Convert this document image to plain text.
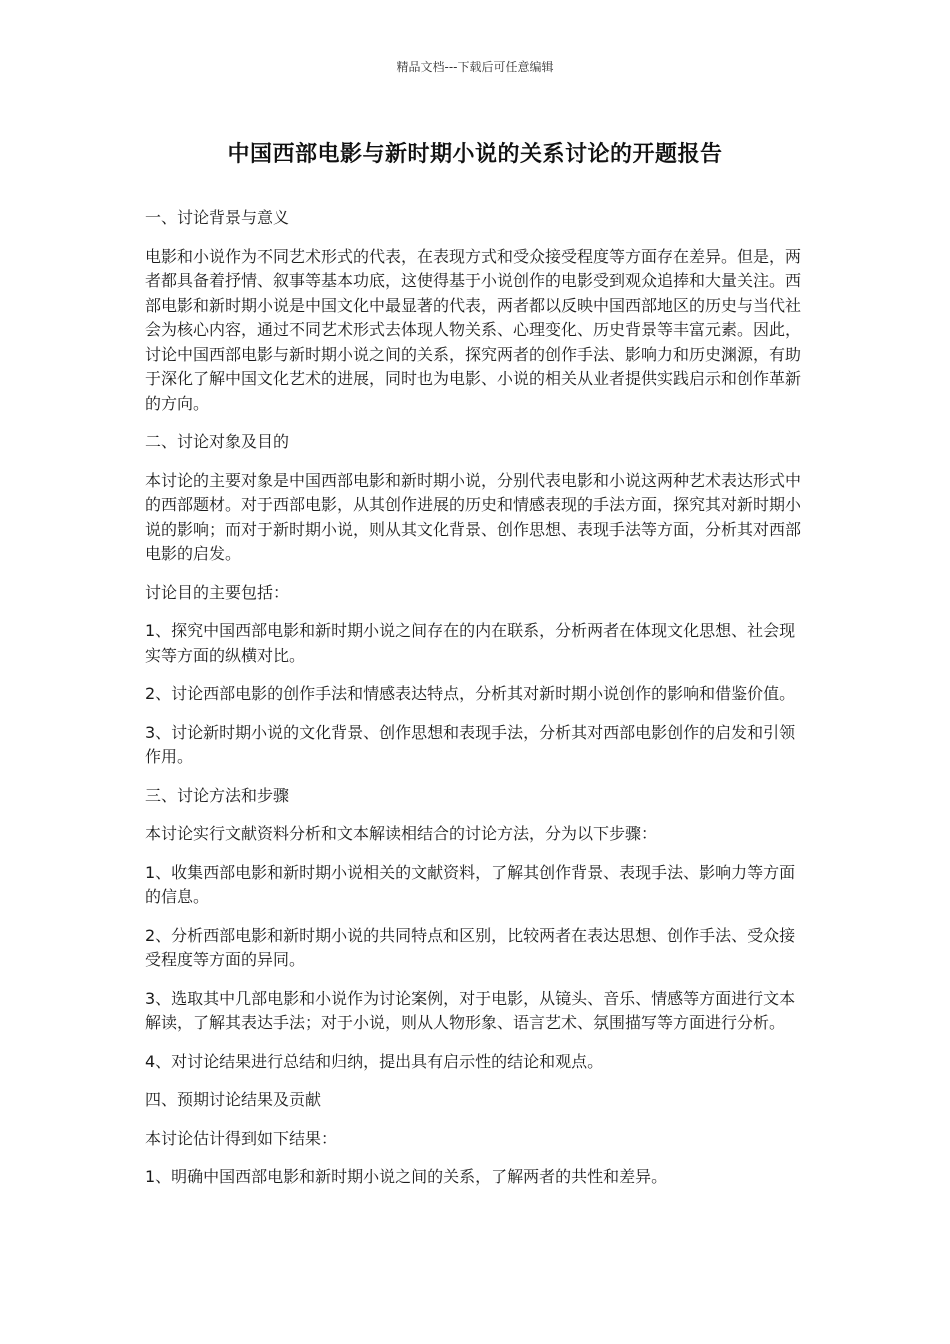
精品文档---下载后可任意编辑
中国西部电影与新时期小说的关系讨论的开题报告

一、讨论背景与意义

电影和小说作为不同艺术形式的代表，在表现方式和受众接受程度等方面存在差异。但是，两者都具备着抒情、叙事等基本功底，这使得基于小说创作的电影受到观众追捧和大量关注。西部电影和新时期小说是中国文化中最显著的代表，两者都以反映中国西部地区的历史与当代社会为核心内容，通过不同艺术形式去体现人物关系、心理变化、历史背景等丰富元素。因此，讨论中国西部电影与新时期小说之间的关系，探究两者的创作手法、影响力和历史渊源，有助于深化了解中国文化艺术的进展，同时也为电影、小说的相关从业者提供实践启示和创作革新的方向。

二、讨论对象及目的

本讨论的主要对象是中国西部电影和新时期小说，分别代表电影和小说这两种艺术表达形式中的西部题材。对于西部电影，从其创作进展的历史和情感表现的手法方面，探究其对新时期小说的影响；而对于新时期小说，则从其文化背景、创作思想、表现手法等方面，分析其对西部电影的启发。

讨论目的主要包括：

1、探究中国西部电影和新时期小说之间存在的内在联系，分析两者在体现文化思想、社会现实等方面的纵横对比。

2、讨论西部电影的创作手法和情感表达特点，分析其对新时期小说创作的影响和借鉴价值。

3、讨论新时期小说的文化背景、创作思想和表现手法，分析其对西部电影创作的启发和引领作用。

三、讨论方法和步骤

本讨论实行文献资料分析和文本解读相结合的讨论方法，分为以下步骤：

1、收集西部电影和新时期小说相关的文献资料，了解其创作背景、表现手法、影响力等方面的信息。

2、分析西部电影和新时期小说的共同特点和区别，比较两者在表达思想、创作手法、受众接受程度等方面的异同。

3、选取其中几部电影和小说作为讨论案例，对于电影，从镜头、音乐、情感等方面进行文本解读，了解其表达手法；对于小说，则从人物形象、语言艺术、氛围描写等方面进行分析。

4、对讨论结果进行总结和归纳，提出具有启示性的结论和观点。

四、预期讨论结果及贡献

本讨论估计得到如下结果：

1、明确中国西部电影和新时期小说之间的关系，了解两者的共性和差异。
